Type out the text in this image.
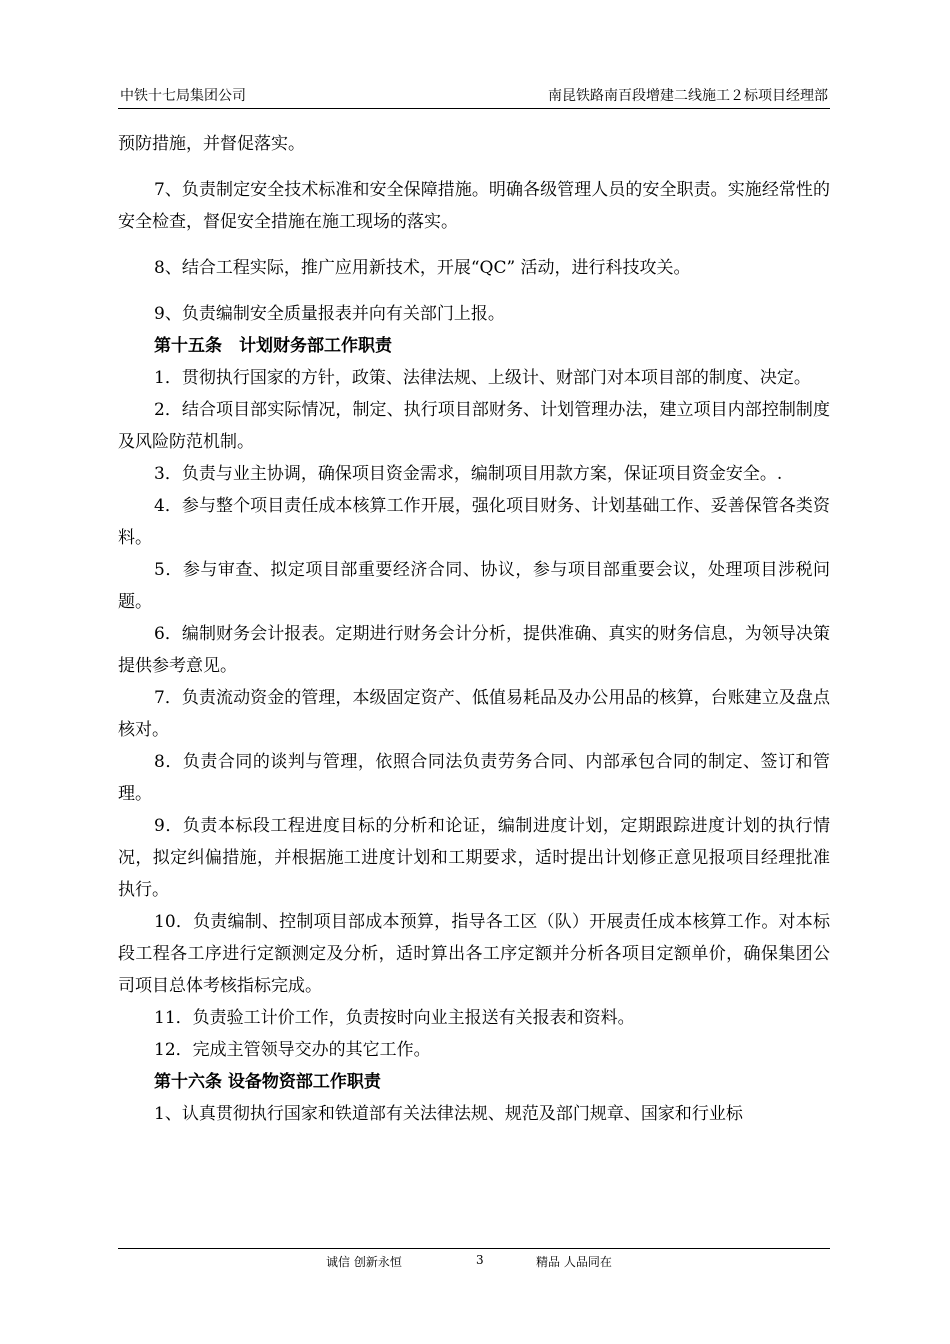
中铁十七局集团公司	南昆铁路南百段增建二线施工２标项目经理部

预防措施，并督促落实。

7、负责制定安全技术标准和安全保障措施。明确各级管理人员的安全职责。实施经常性的安全检查，督促安全措施在施工现场的落实。

8、结合工程实际，推广应用新技术，开展“QC” 活动，进行科技攻关。

9、负责编制安全质量报表并向有关部门上报。

第十五条　计划财务部工作职责

1．贯彻执行国家的方针，政策、法律法规、上级计、财部门对本项目部的制度、决定。

2．结合项目部实际情况，制定、执行项目部财务、计划管理办法，建立项目内部控制制度及风险防范机制。

3．负责与业主协调，确保项目资金需求，编制项目用款方案，保证项目资金安全。.

4．参与整个项目责任成本核算工作开展，强化项目财务、计划基础工作、妥善保管各类资料。

5．参与审查、拟定项目部重要经济合同、协议，参与项目部重要会议，处理项目涉税问题。

6．编制财务会计报表。定期进行财务会计分析，提供准确、真实的财务信息，为领导决策提供参考意见。

7．负责流动资金的管理，本级固定资产、低值易耗品及办公用品的核算，台账建立及盘点核对。

8．负责合同的谈判与管理，依照合同法负责劳务合同、内部承包合同的制定、签订和管理。

9．负责本标段工程进度目标的分析和论证，编制进度计划，定期跟踪进度计划的执行情况，拟定纠偏措施，并根据施工进度计划和工期要求，适时提出计划修正意见报项目经理批准执行。

10．负责编制、控制项目部成本预算，指导各工区（队）开展责任成本核算工作。对本标段工程各工序进行定额测定及分析，适时算出各工序定额并分析各项目定额单价，确保集团公司项目总体考核指标完成。

11．负责验工计价工作，负责按时向业主报送有关报表和资料。

12．完成主管领导交办的其它工作。

第十六条 设备物资部工作职责

1、认真贯彻执行国家和铁道部有关法律法规、规范及部门规章、国家和行业标

诚信 创新永恒	3	精品 人品同在
